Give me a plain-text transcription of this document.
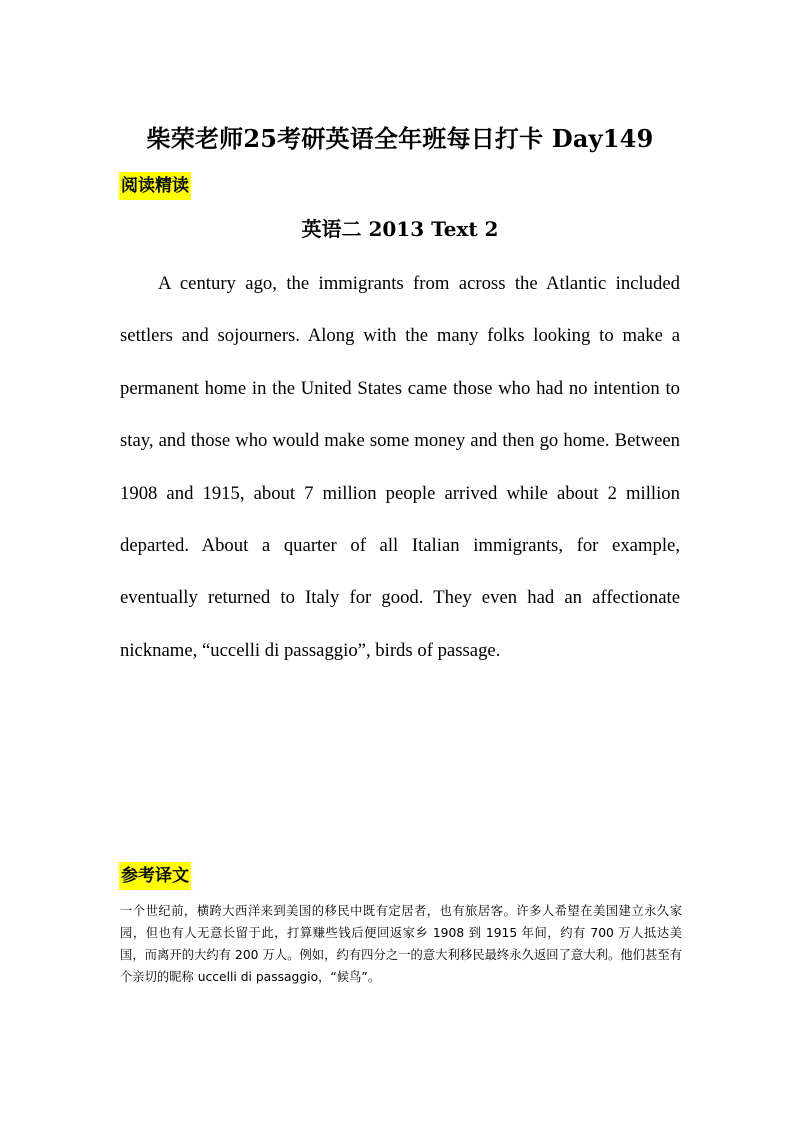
柴荣老师25考研英语全年班每日打卡 Day149
阅读精读
英语二 2013 Text 2

A century ago, the immigrants from across the Atlantic included settlers and sojourners. Along with the many folks looking to make a permanent home in the United States came those who had no intention to stay, and those who would make some money and then go home. Between 1908 and 1915, about 7 million people arrived while about 2 million departed. About a quarter of all Italian immigrants, for example, eventually returned to Italy for good. They even had an affectionate nickname, “uccelli di passaggio”, birds of passage.

参考译文

一个世纪前，横跨大西洋来到美国的移民中既有定居者，也有旅居客。许多人希望在美国建立永久家园，但也有人无意长留于此，打算赚些钱后便回返家乡 1908 到 1915 年间，约有 700 万人抵达美国，而离开的大约有 200 万人。例如，约有四分之一的意大利移民最终永久返回了意大利。他们甚至有个亲切的昵称 uccelli di passaggio，“候鸟”。
